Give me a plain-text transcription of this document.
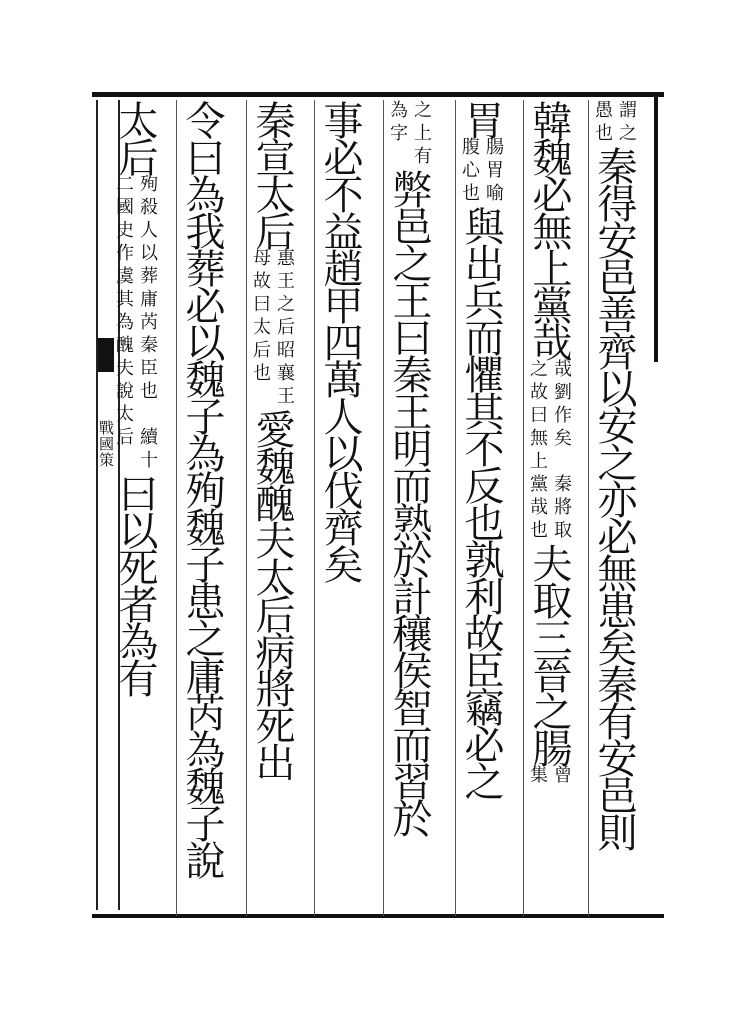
戰國策
謂之
愚也
秦得安邑善齊以安之亦必無患矣秦有安邑則
韓魏必無上黨哉
哉劉作矣　秦將取
之故曰無上黨哉也
夫取三晉之腸
曾
集
胃
腸胃喻
腹心也
與出兵而懼其不反也孰利故臣竊必之
之上有
為字
弊邑之王曰秦王明而熟於計穰侯智而習於
事必不益趙甲四萬人以伐齊矣
秦宣太后
惠王之后昭襄王
母故曰太后也
愛魏醜夫太后病將死出
令曰為我葬必以魏子為殉魏子患之庸芮為魏子說
太后
殉殺人以葬庸芮秦臣也　續十
二國史作虞其為醜夫說太后
曰以死者為有
